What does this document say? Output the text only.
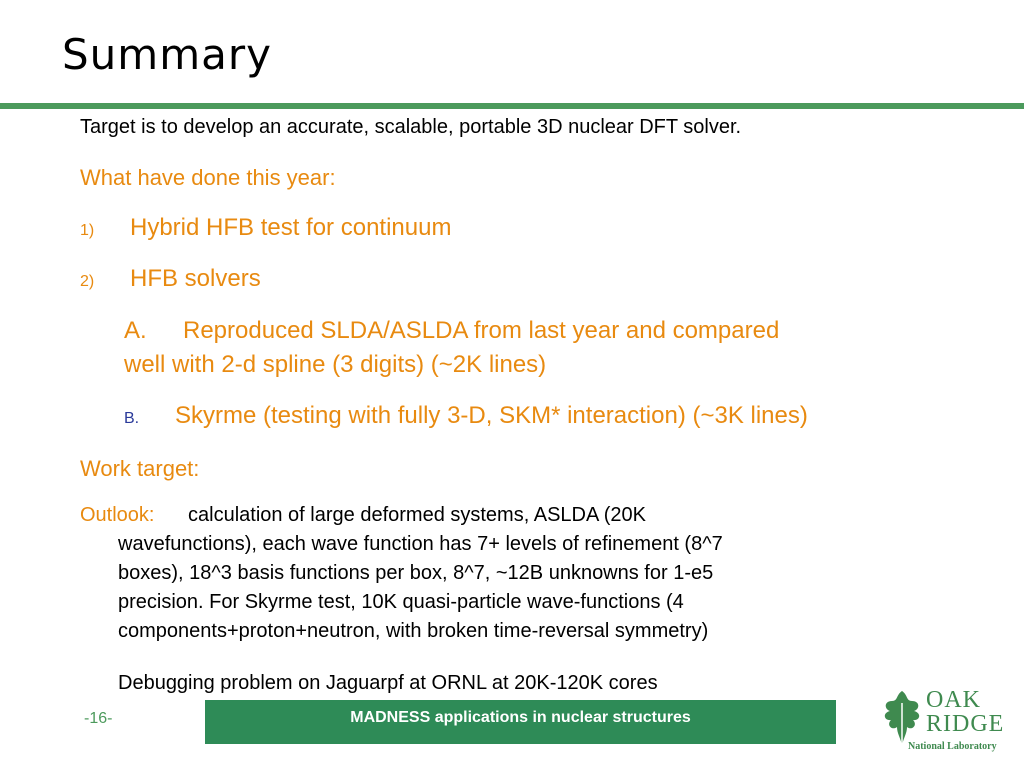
Summary
Target is to develop an accurate, scalable, portable 3D nuclear DFT solver.
What have done this year:
1) Hybrid HFB test for continuum
2) HFB solvers
A. Reproduced SLDA/ASLDA from last year and compared
well with 2-d spline (3 digits) (~2K lines)
B. Skyrme (testing with fully 3-D, SKM* interaction) (~3K lines)
Work target:
Outlook: calculation of large deformed systems, ASLDA (20K
wavefunctions), each wave function has 7+ levels of refinement (8^7
boxes), 18^3 basis functions per box, 8^7, ~12B unknowns for 1-e5
precision. For Skyrme test, 10K quasi-particle wave-functions (4
components+proton+neutron, with broken time-reversal symmetry)
Debugging problem on Jaguarpf at ORNL at 20K-120K cores
-16-	MADNESS applications in nuclear structures
OAK
RIDGE
National Laboratory
